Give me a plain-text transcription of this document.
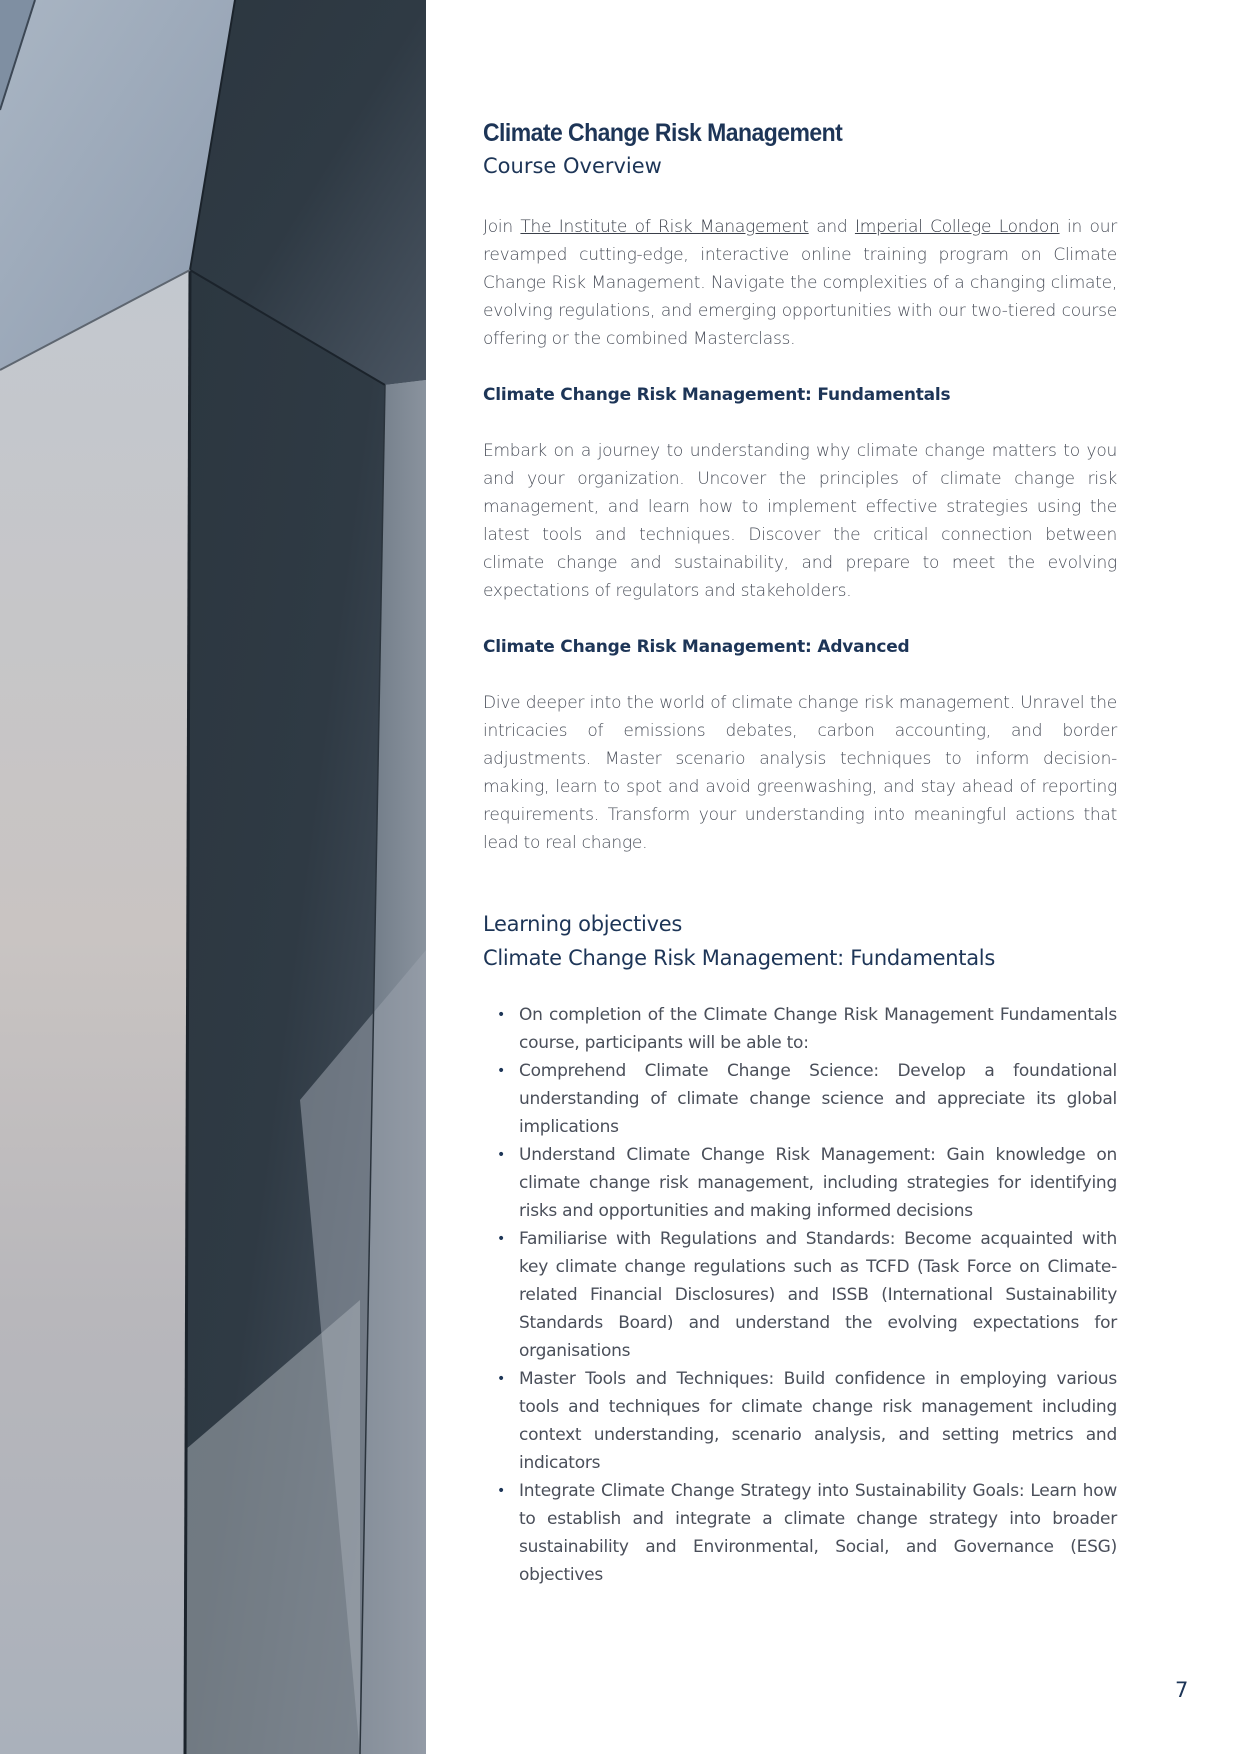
Climate Change Risk Management
Course Overview

Join The Institute of Risk Management and Imperial College London in our revamped cutting-edge, interactive online training program on Climate Change Risk Management. Navigate the complexities of a changing climate, evolving regulations, and emerging opportunities with our two-tiered course offering or the combined Masterclass.

Climate Change Risk Management: Fundamentals

Embark on a journey to understanding why climate change matters to you and your organization. Uncover the principles of climate change risk management, and learn how to implement effective strategies using the latest tools and techniques. Discover the critical connection between climate change and sustainability, and prepare to meet the evolving expectations of regulators and stakeholders.

Climate Change Risk Management: Advanced

Dive deeper into the world of climate change risk management. Unravel the intricacies of emissions debates, carbon accounting, and border adjustments. Master scenario analysis techniques to inform decision-making, learn to spot and avoid greenwashing, and stay ahead of reporting requirements. Transform your understanding into meaningful actions that lead to real change.

Learning objectives
Climate Change Risk Management: Fundamentals
• On completion of the Climate Change Risk Management Fundamentals course, participants will be able to:
• Comprehend Climate Change Science: Develop a foundational understanding of climate change science and appreciate its global implications
• Understand Climate Change Risk Management: Gain knowledge on climate change risk management, including strategies for identifying risks and opportunities and making informed decisions
• Familiarise with Regulations and Standards: Become acquainted with key climate change regulations such as TCFD (Task Force on Climate-related Financial Disclosures) and ISSB (International Sustainability Standards Board) and understand the evolving expectations for organisations
• Master Tools and Techniques: Build confidence in employing various tools and techniques for climate change risk management including context understanding, scenario analysis, and setting metrics and indicators
• Integrate Climate Change Strategy into Sustainability Goals: Learn how to establish and integrate a climate change strategy into broader sustainability and Environmental, Social, and Governance (ESG) objectives
7
